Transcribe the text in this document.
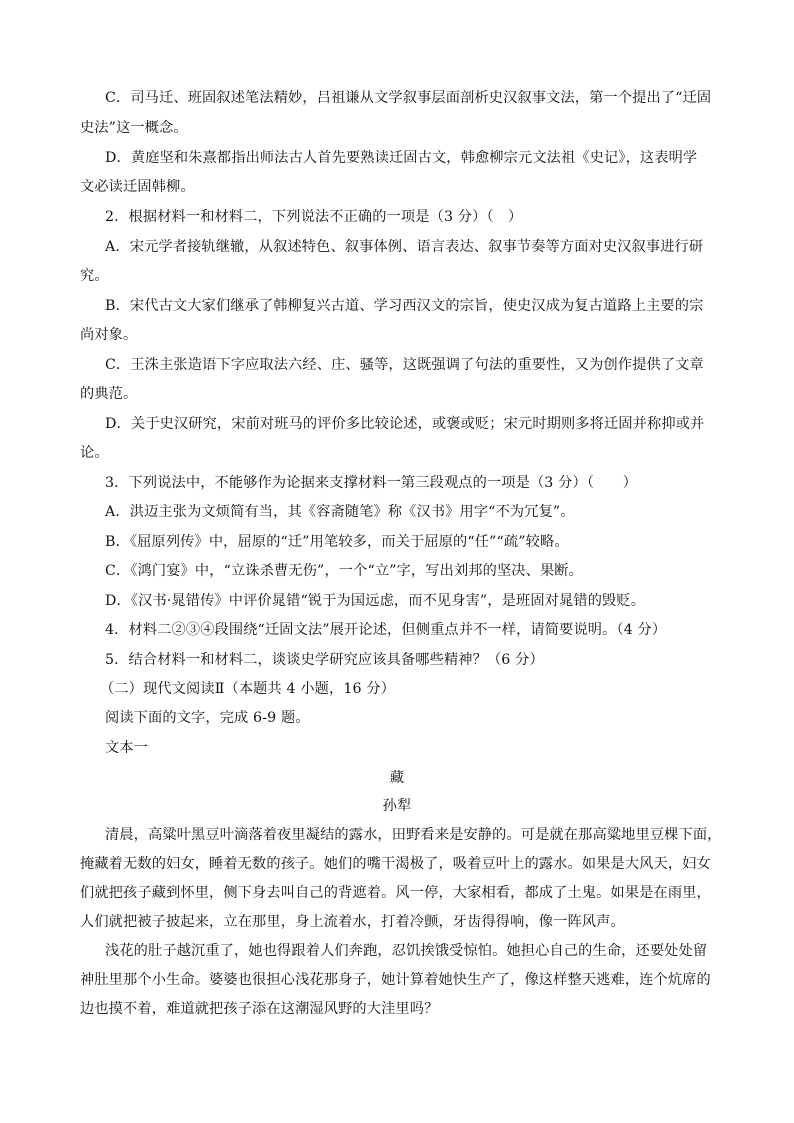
C．司马迁、班固叙述笔法精妙，吕祖谦从文学叙事层面剖析史汉叙事文法，第一个提出了“迁固
史法”这一概念。
D．黄庭坚和朱熹都指出师法古人首先要熟读迁固古文，韩愈柳宗元文法祖《史记》，这表明学
文必读迁固韩柳。
2．根据材料一和材料二，下列说法不正确的一项是（3 分）（　）
A．宋元学者接轨继辙，从叙述特色、叙事体例、语言表达、叙事节奏等方面对史汉叙事进行研
究。
B．宋代古文大家们继承了韩柳复兴古道、学习西汉文的宗旨，使史汉成为复古道路上主要的宗
尚对象。
C．王洙主张造语下字应取法六经、庄、骚等，这既强调了句法的重要性，又为创作提供了文章
的典范。
D．关于史汉研究，宋前对班马的评价多比较论述，或褒或贬；宋元时期则多将迁固并称抑或并
论。
3．下列说法中，不能够作为论据来支撑材料一第三段观点的一项是（3 分）（　　）
A．洪迈主张为文烦简有当，其《容斋随笔》称《汉书》用字“不为冗复”。
B．《屈原列传》中，屈原的“迁”用笔较多，而关于屈原的“任”“疏”较略。
C．《鸿门宴》中，“立诛杀曹无伤”，一个“立”字，写出刘邦的坚决、果断。
D．《汉书·晁错传》中评价晁错“锐于为国远虑，而不见身害”，是班固对晁错的毁贬。
4．材料二②③④段围绕“迁固文法”展开论述，但侧重点并不一样，请简要说明。（4 分）
5．结合材料一和材料二，谈谈史学研究应该具备哪些精神？（6 分）
（二）现代文阅读Ⅱ（本题共 4 小题，16 分）
阅读下面的文字，完成 6-9 题。
文本一
藏
孙犁
清晨，高粱叶黑豆叶滴落着夜里凝结的露水，田野看来是安静的。可是就在那高粱地里豆棵下面，
掩藏着无数的妇女，睡着无数的孩子。她们的嘴干渴极了，吸着豆叶上的露水。如果是大风天，妇女
们就把孩子藏到怀里，侧下身去叫自己的背遮着。风一停，大家相看，都成了土鬼。如果是在雨里，
人们就把被子披起来，立在那里，身上流着水，打着冷颤，牙齿得得响，像一阵风声。
浅花的肚子越沉重了，她也得跟着人们奔跑，忍饥挨饿受惊怕。她担心自己的生命，还要处处留
神肚里那个小生命。婆婆也很担心浅花那身子，她计算着她快生产了，像这样整天逃难，连个炕席的
边也摸不着，难道就把孩子添在这潮湿风野的大洼里吗？
